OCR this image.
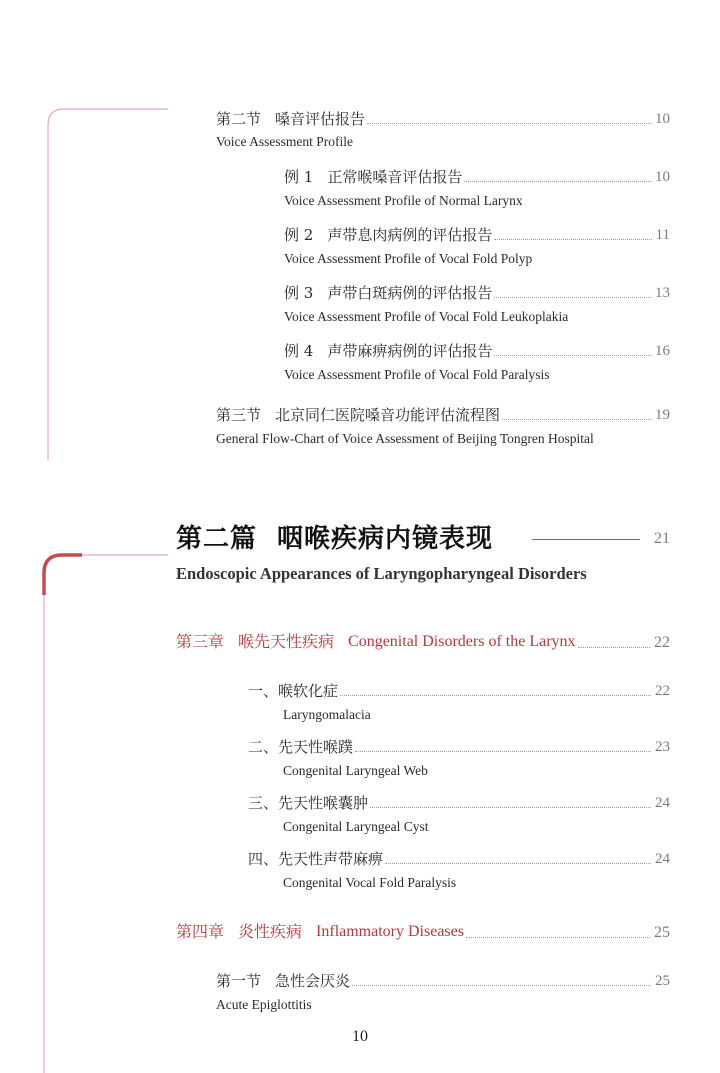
第二节 嗓音评估报告	10
Voice Assessment Profile
例 1 正常喉嗓音评估报告	10
Voice Assessment Profile of Normal Larynx
例 2 声带息肉病例的评估报告	11
Voice Assessment Profile of Vocal Fold Polyp
例 3 声带白斑病例的评估报告	13
Voice Assessment Profile of Vocal Fold Leukoplakia
例 4 声带麻痹病例的评估报告	16
Voice Assessment Profile of Vocal Fold Paralysis
第三节 北京同仁医院嗓音功能评估流程图	19
General Flow-Chart of Voice Assessment of Beijing Tongren Hospital
第二篇 咽喉疾病内镜表现	21
Endoscopic Appearances of Laryngopharyngeal Disorders
第三章 喉先天性疾病 Congenital Disorders of the Larynx	22
一、喉软化症	22
Laryngomalacia
二、先天性喉蹼	23
Congenital Laryngeal Web
三、先天性喉囊肿	24
Congenital Laryngeal Cyst
四、先天性声带麻痹	24
Congenital Vocal Fold Paralysis
第四章 炎性疾病 Inflammatory Diseases	25
第一节 急性会厌炎	25
Acute Epiglottitis
10
